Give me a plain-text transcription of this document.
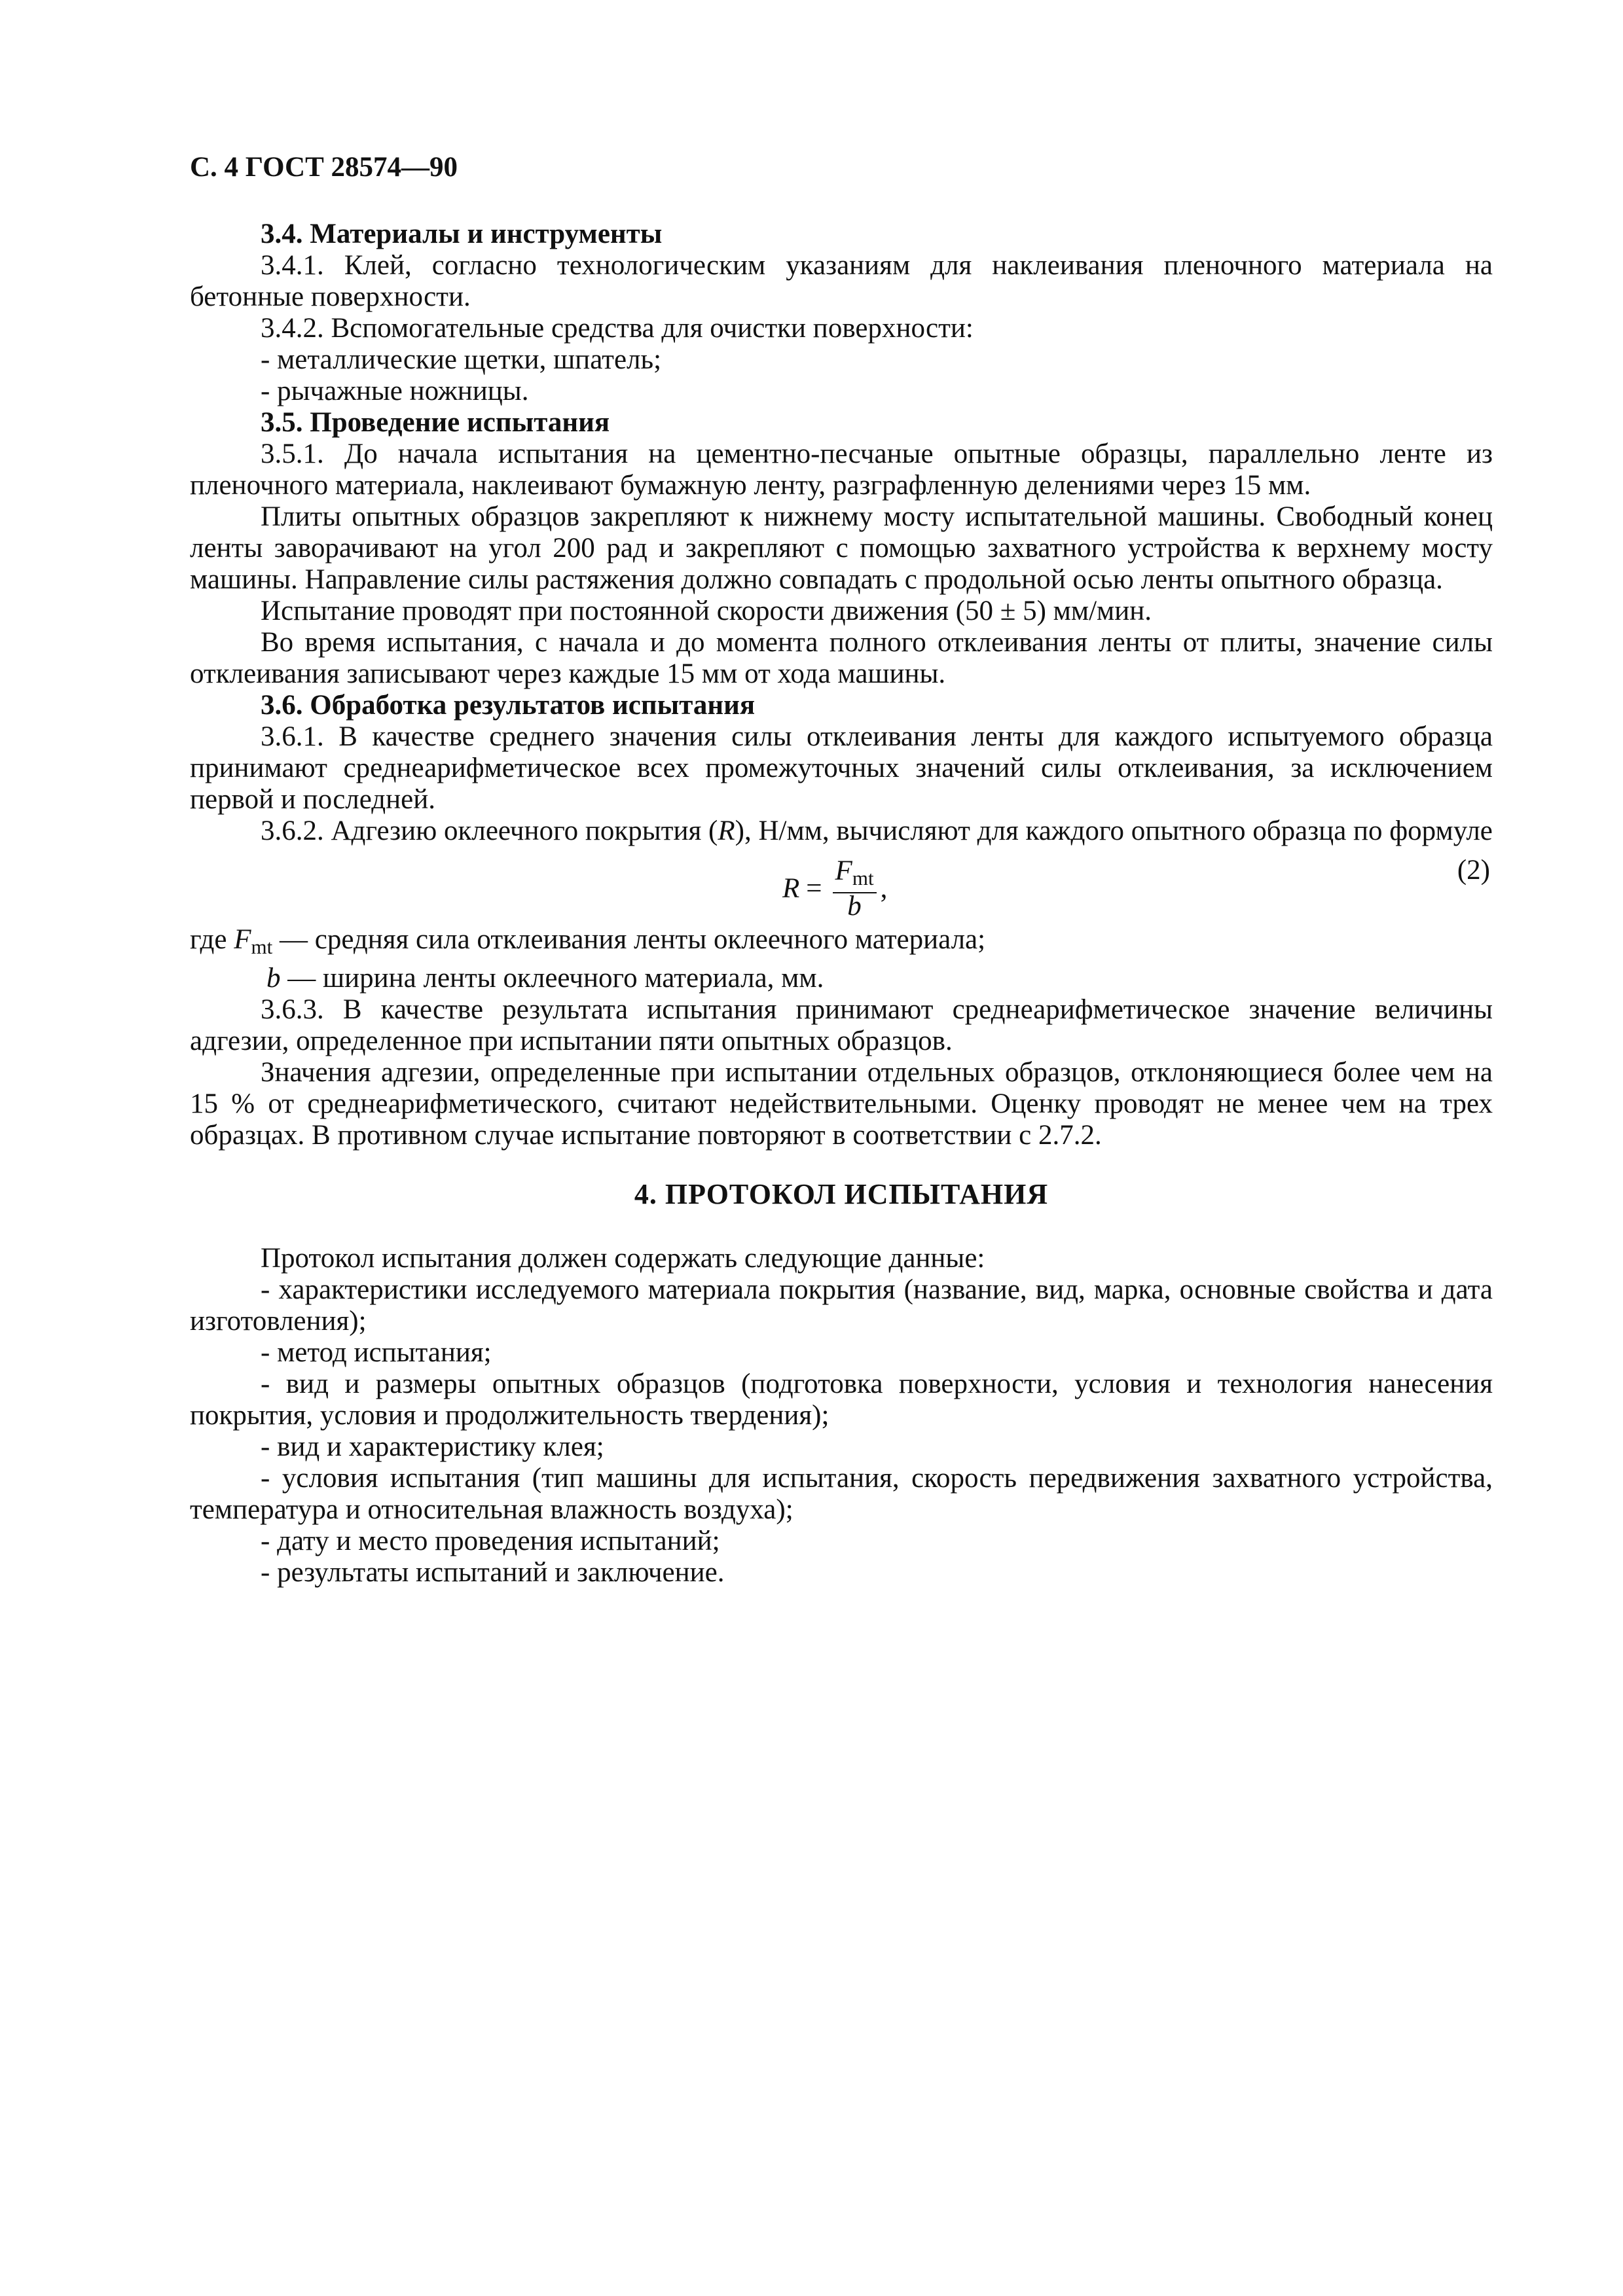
С. 4 ГОСТ 28574—90

3.4. Материалы и инструменты

3.4.1. Клей, согласно технологическим указаниям для наклеивания пленочного материала на бетонные поверхности.

3.4.2. Вспомогательные средства для очистки поверхности:

- металлические щетки, шпатель;

- рычажные ножницы.

3.5. Проведение испытания

3.5.1. До начала испытания на цементно-песчаные опытные образцы, параллельно ленте из пленочного материала, наклеивают бумажную ленту, разграфленную делениями через 15 мм.

Плиты опытных образцов закрепляют к нижнему мосту испытательной машины. Свободный конец ленты заворачивают на угол 200 рад и закрепляют с помощью захватного устройства к верхнему мосту машины. Направление силы растяжения должно совпадать с продольной осью ленты опытного образца.

Испытание проводят при постоянной скорости движения (50 ± 5) мм/мин.

Во время испытания, с начала и до момента полного отклеивания ленты от плиты, значение силы отклеивания записывают через каждые 15 мм от хода машины.

3.6. Обработка результатов испытания

3.6.1. В качестве среднего значения силы отклеивания ленты для каждого испытуемого образца принимают среднеарифметическое всех промежуточных значений силы отклеивания, за исключением первой и последней.

3.6.2. Адгезию оклеечного покрытия (R), Н/мм, вычисляют для каждого опытного образца по формуле

$R = \frac{F_{mt}}{b}$ ,
(2)

где $F_{mt}$ — средняя сила отклеивания ленты оклеечного материала;

b — ширина ленты оклеечного материала, мм.

3.6.3. В качестве результата испытания принимают среднеарифметическое значение величины адгезии, определенное при испытании пяти опытных образцов.

Значения адгезии, определенные при испытании отдельных образцов, отклоняющиеся более чем на 15 % от среднеарифметического, считают недействительными. Оценку проводят не менее чем на трех образцах. В противном случае испытание повторяют в соответствии с 2.7.2.

4. ПРОТОКОЛ ИСПЫТАНИЯ

Протокол испытания должен содержать следующие данные:

- характеристики исследуемого материала покрытия (название, вид, марка, основные свойства и дата изготовления);

- метод испытания;

- вид и размеры опытных образцов (подготовка поверхности, условия и технология нанесения покрытия, условия и продолжительность твердения);

- вид и характеристику клея;

- условия испытания (тип машины для испытания, скорость передвижения захватного устройства, температура и относительная влажность воздуха);

- дату и место проведения испытаний;

- результаты испытаний и заключение.
